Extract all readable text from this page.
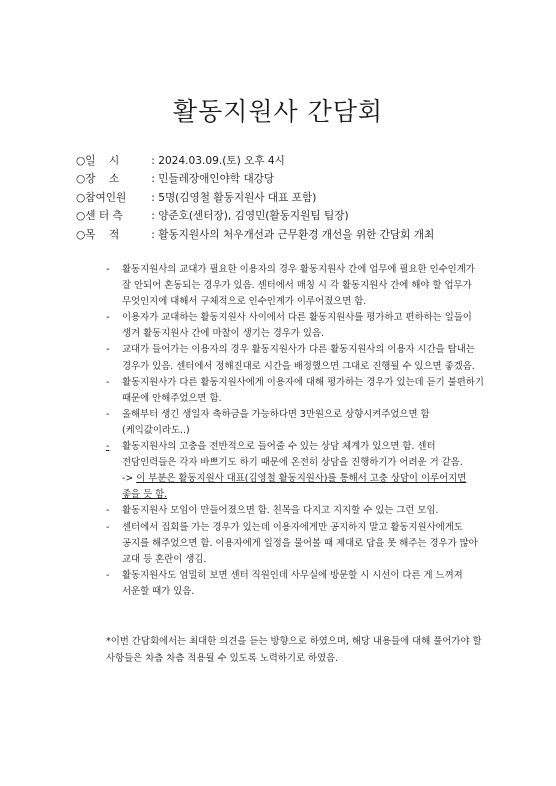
활동지원사 간담회
○일    시	: 2024.03.09.(토) 오후 4시
○장    소	: 민들레장애인야학 대강당
○참여인원 : 5명(김영철 활동지원사 대표 포함)
○센 터 측	: 양준호(센터장), 김영민(활동지원팀 팀장)
○목    적	: 활동지원사의 처우개선과 근무환경 개선을 위한 간담회 개최
- 활동지원사의 교대가 필요한 이용자의 경우 활동지원사 간에 업무에 필요한 인수인계가 잘 안되어 혼동되는 경우가 있음. 센터에서 매칭 시 각 활동지원사 간에 해야 할 업무가 무엇인지에 대해서 구체적으로 인수인계가 이루어졌으면 함.
- 이용자가 교대하는 활동지원사 사이에서 다른 활동지원사를 평가하고 편하하는 일들이 생겨 활동지원사 간에 마찰이 생기는 경우가 있음.
- 교대가 들어가는 이용자의 경우 활동지원사가 다른 활동지원사의 이용자 시간을 탐내는 경우가 있음. 센터에서 정해진대로 시간을 배정했으면 그대로 진행될 수 있으면 좋겠음.
- 활동지원사가 다른 활동지원사에게 이용자에 대해 평가하는 경우가 있는데 듣기 불편하기 때문에 안해주었으면 함.
- 올해부터 생긴 생일자 축하금을 가능하다면 3만원으로 상향시켜주었으면 함(케익값이라도..)
- 활동지원사의 고충을 전반적으로 들어줄 수 있는 상담 체계가 있으면 함. 센터 전담인력들은 각자 바쁘기도 하기 때문에 온전히 상담을 진행하기가 어려운 거 같음.
-> 이 부분은 활동지원사 대표(김영철 활동지원사)를 통해서 고충 상담이 이루어지면 좋을 듯 함.
- 활동지원사 모임이 만들어졌으면 함. 친목을 다지고 지지할 수 있는 그런 모임.
- 센터에서 집회를 가는 경우가 있는데 이용자에게만 공지하지 말고 활동지원사에게도 공지를 해주었으면 함. 이용자에게 일정을 물어볼 때 제대로 답을 못 해주는 경우가 많아 교대 등 혼란이 생김.
- 활동지원사도 엄밀히 보면 센터 직원인데 사무실에 방문할 시 시선이 다른 게 느껴져 서운할 때가 있음.
*이번 간담회에서는 최대한 의견을 듣는 방향으로 하였으며, 해당 내용들에 대해 풀어가야 할 사항들은 차츰 차츰 적용될 수 있도록 노력하기로 하였음.
